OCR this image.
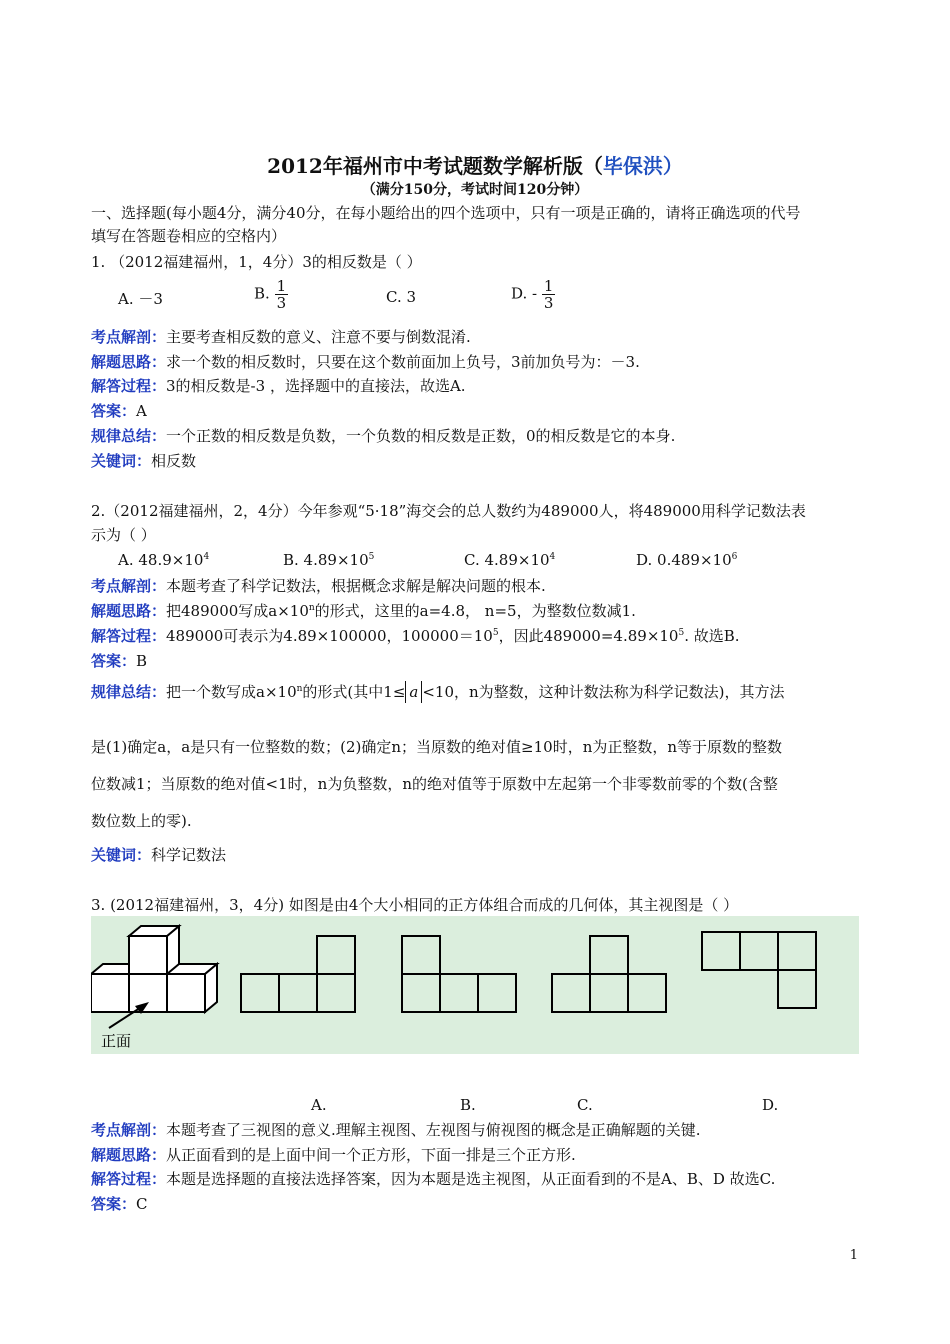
2012年福州市中考试题数学解析版（毕保洪）
（满分150分，考试时间120分钟）
一、选择题(每小题4分，满分40分，在每小题给出的四个选项中，只有一项是正确的，请将正确选项的代号
填写在答题卷相应的空格内）
1. （2012福建福州，1，4分）3的相反数是（ ）
A. －3	B. $\frac{1}{3}$	C. 3	D. - $\frac{1}{3}$
考点解剖：主要考查相反数的意义、注意不要与倒数混淆.
解题思路：求一个数的相反数时，只要在这个数前面加上负号，3前加负号为：－3.
解答过程：3的相反数是-3 ，选择题中的直接法，故选A.
答案：A
规律总结：一个正数的相反数是负数，一个负数的相反数是正数，0的相反数是它的本身.
关键词：相反数
2.（2012福建福州，2，4分）今年参观“5·18”海交会的总人数约为489000人，将489000用科学记数法表
示为（ ）
A. $48.9\times 10^4$	B. $4.89\times 10^5$	C. $4.89\times 10^4$	D. $0.489\times 10^6$
考点解剖：本题考查了科学记数法，根据概念求解是解决问题的根本.
解题思路：把489000写成$a\times 10^n$的形式，这里的a=4.8， n=5，为整数位数减1.
解答过程：489000可表示为4.89×100000，$100000=10^5$，因此$489000=4.89\times 10^5$. 故选B.
答案：B
规律总结：把一个数写成$a\times 10^n$的形式(其中1≤ a <10，n为整数，这种计数法称为科学记数法)，其方法
是(1)确定a，a是只有一位整数的数；(2)确定n；当原数的绝对值≥10时，n为正整数，n等于原数的整数
位数减1；当原数的绝对值<1时，n为负整数，n的绝对值等于原数中左起第一个非零数前零的个数(含整
数位数上的零).
关键词：科学记数法
3. (2012福建福州，3，4分) 如图是由4个大小相同的正方体组合而成的几何体，其主视图是（ ）
正面
A.	B.	C.	D.
考点解剖：本题考查了三视图的意义.理解主视图、左视图与俯视图的概念是正确解题的关键.
解题思路：从正面看到的是上面中间一个正方形，下面一排是三个正方形.
解答过程：本题是选择题的直接法选择答案，因为本题是选主视图，从正面看到的不是A、B、D 故选C.
答案：C
1
